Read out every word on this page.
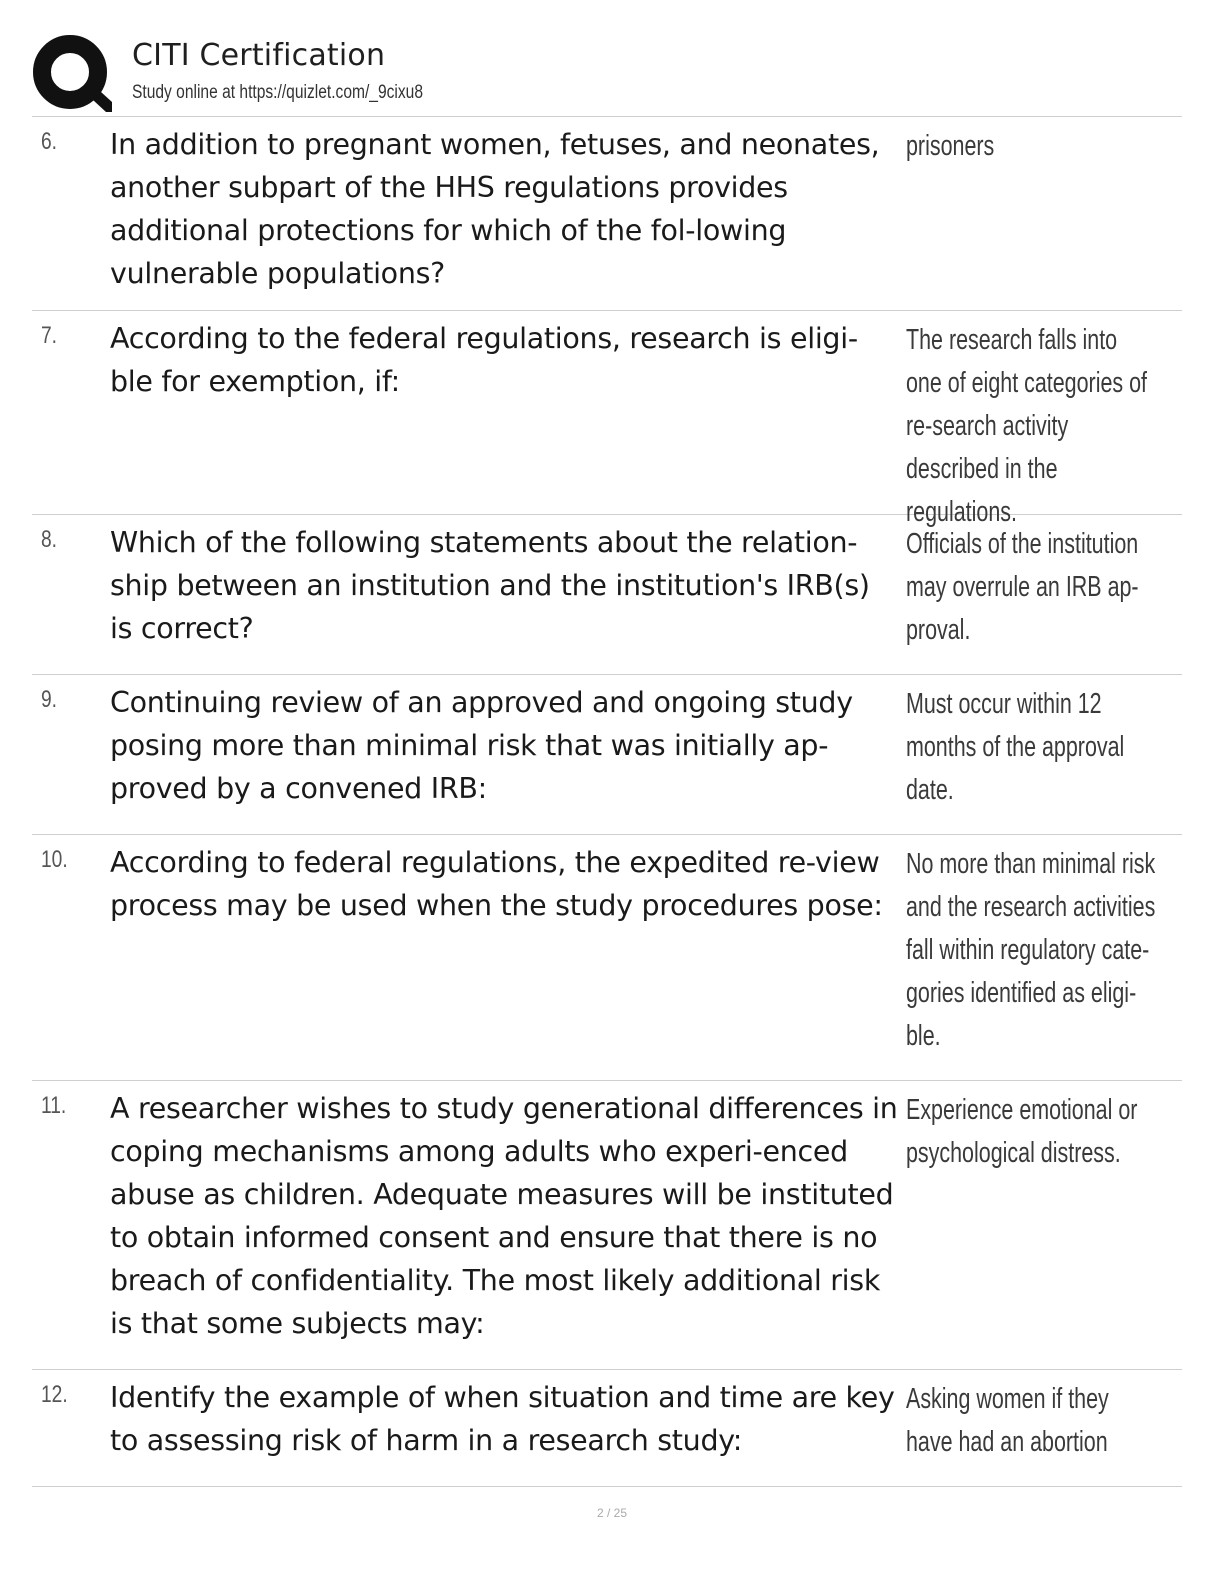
CITI Certification
Study online at https://quizlet.com/_9cixu8
6. In addition to pregnant women, fetuses, and neonates, another subpart of the HHS regulations provides additional protections for which of the fol-lowing vulnerable populations?
prisoners
7. According to the federal regulations, research is eligi-ble for exemption, if:
The research falls into one of eight categories of re-search activity described in the regulations.
8. Which of the following statements about the relation-ship between an institution and the institution's IRB(s) is correct?
Officials of the institution may overrule an IRB ap-proval.
9. Continuing review of an approved and ongoing study posing more than minimal risk that was initially ap-proved by a convened IRB:
Must occur within 12 months of the approval date.
10. According to federal regulations, the expedited re-view process may be used when the study procedures pose:
No more than minimal risk and the research activities fall within regulatory cate-gories identified as eligi-ble.
11. A researcher wishes to study generational differences in coping mechanisms among adults who experi-enced abuse as children. Adequate measures will be instituted to obtain informed consent and ensure that there is no breach of confidentiality. The most likely additional risk is that some subjects may:
Experience emotional or psychological distress.
12. Identify the example of when situation and time are key to assessing risk of harm in a research study:
Asking women if they have had an abortion
2 / 25
